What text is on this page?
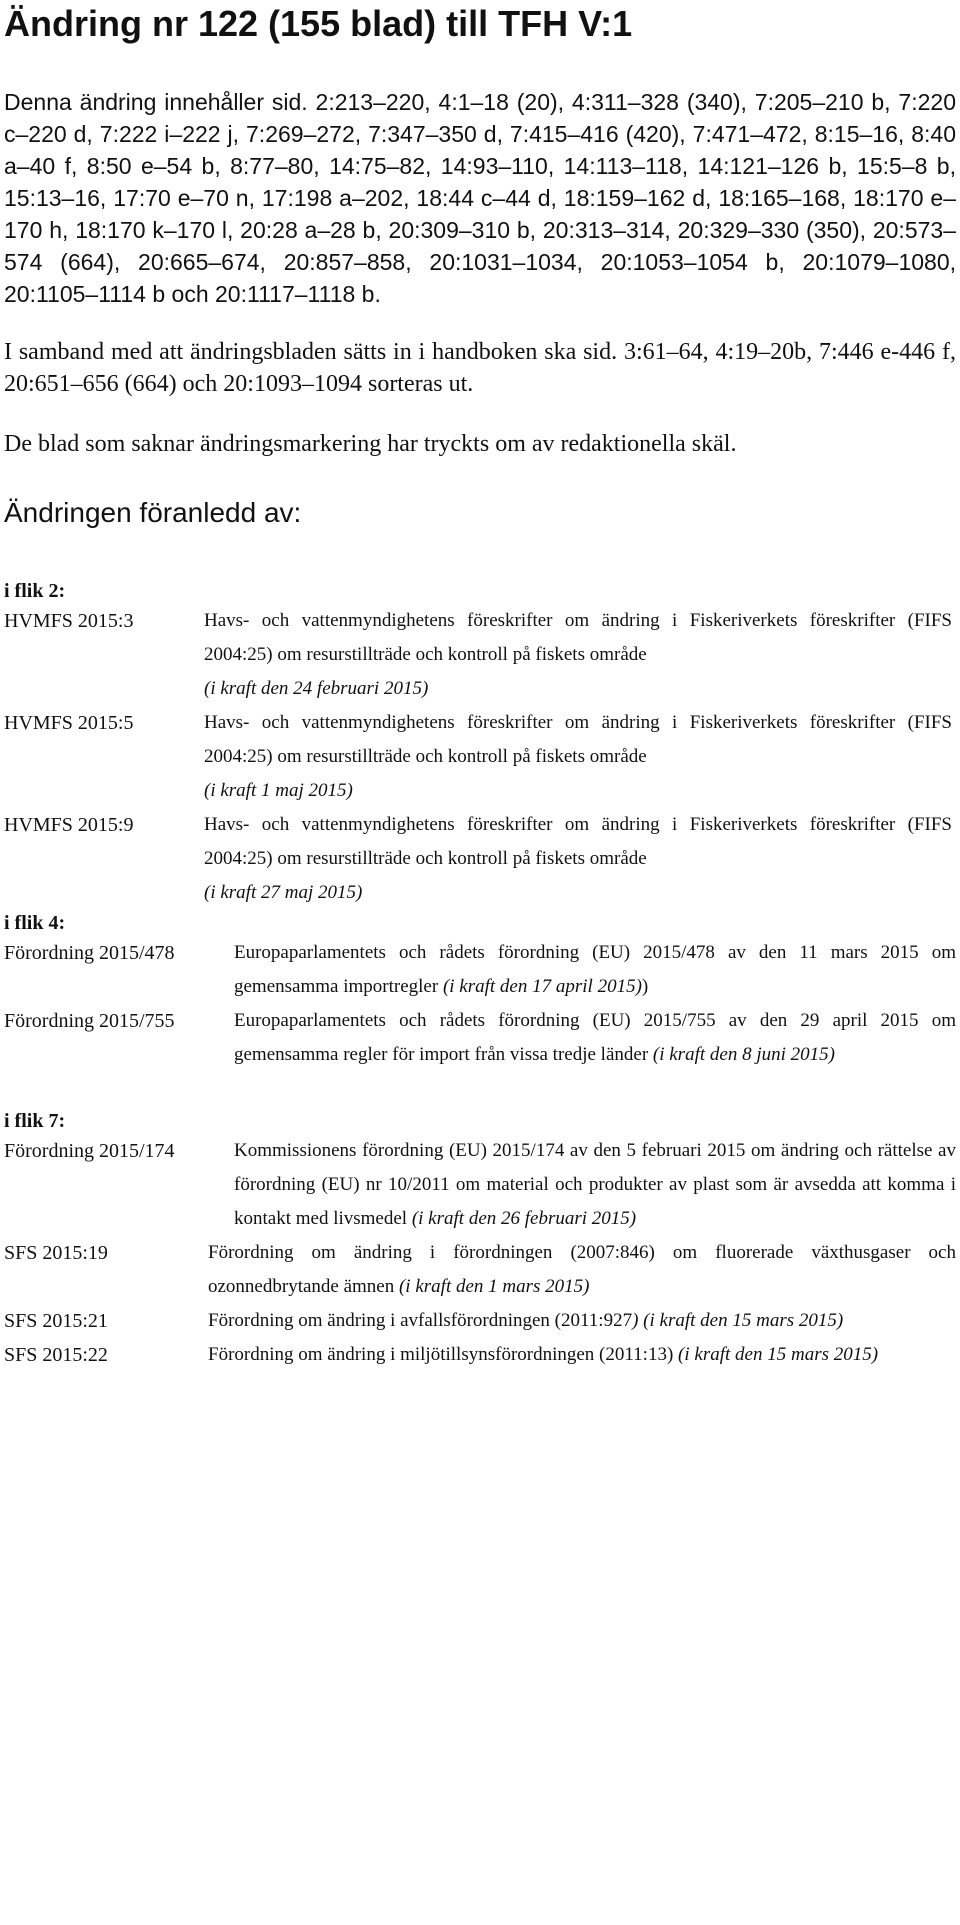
Ändring nr 122 (155 blad) till TFH V:1

Denna ändring innehåller sid. 2:213–220, 4:1–18 (20), 4:311–328 (340), 7:205–210 b, 7:220 c–220 d, 7:222 i–222 j, 7:269–272, 7:347–350 d, 7:415–416 (420), 7:471–472, 8:15–16, 8:40 a–40 f, 8:50 e–54 b, 8:77–80, 14:75–82, 14:93–110, 14:113–118, 14:121–126 b, 15:5–8 b, 15:13–16, 17:70 e–70 n, 17:198 a–202, 18:44 c–44 d, 18:159–162 d, 18:165–168, 18:170 e–170 h, 18:170 k–170 l, 20:28 a–28 b, 20:309–310 b, 20:313–314, 20:329–330 (350), 20:573–574 (664), 20:665–674, 20:857–858, 20:1031–1034, 20:1053–1054 b, 20:1079–1080, 20:1105–1114 b och 20:1117–1118 b.

I samband med att ändringsbladen sätts in i handboken ska sid. 3:61–64, 4:19–20b, 7:446 e-446 f, 20:651–656 (664) och 20:1093–1094 sorteras ut.

De blad som saknar ändringsmarkering har tryckts om av redaktionella skäl.

Ändringen föranledd av:

i flik 2:

HVMFS 2015:3	Havs- och vattenmyndighetens föreskrifter om ändring i Fiskeriverkets föreskrifter (FIFS 2004:25) om resurstillträde och kontroll på fiskets område
(i kraft den 24 februari 2015)
HVMFS 2015:5	Havs- och vattenmyndighetens föreskrifter om ändring i Fiskeriverkets föreskrifter (FIFS 2004:25) om resurstillträde och kontroll på fiskets område
(i kraft 1 maj 2015)
HVMFS 2015:9	Havs- och vattenmyndighetens föreskrifter om ändring i Fiskeriverkets föreskrifter (FIFS 2004:25) om resurstillträde och kontroll på fiskets område
(i kraft 27 maj 2015)

i flik 4:

Förordning 2015/478	Europaparlamentets och rådets förordning (EU) 2015/478 av den 11 mars 2015 om gemensamma importregler (i kraft den 17 april 2015))
Förordning 2015/755	Europaparlamentets och rådets förordning (EU) 2015/755 av den 29 april 2015 om gemensamma regler för import från vissa tredje länder (i kraft den 8 juni 2015)

i flik 7:

Förordning 2015/174	Kommissionens förordning (EU) 2015/174 av den 5 februari 2015 om ändring och rättelse av förordning (EU) nr 10/2011 om material och produkter av plast som är avsedda att komma i kontakt med livsmedel (i kraft den 26 februari 2015)
SFS 2015:19	Förordning om ändring i förordningen (2007:846) om fluorerade växthusgaser och ozonnedbrytande ämnen (i kraft den 1 mars 2015)
SFS 2015:21	Förordning om ändring i avfallsförordningen (2011:927) (i kraft den 15 mars 2015)
SFS 2015:22	Förordning om ändring i miljötillsynsförordningen (2011:13) (i kraft den 15 mars 2015)
